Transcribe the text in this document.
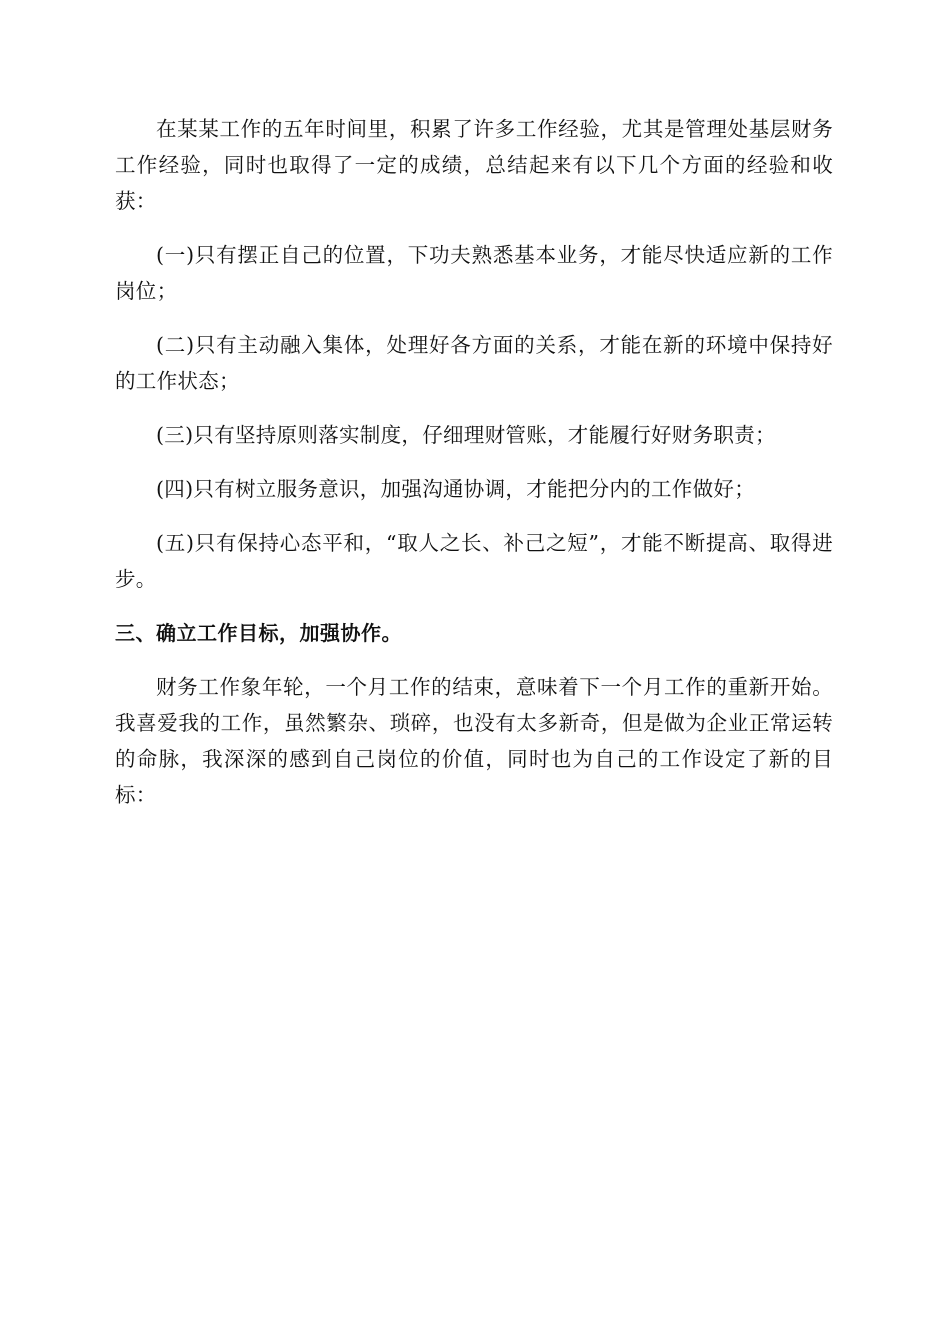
在某某工作的五年时间里，积累了许多工作经验，尤其是管理处基层财务工作经验，同时也取得了一定的成绩，总结起来有以下几个方面的经验和收获：

(一)只有摆正自己的位置，下功夫熟悉基本业务，才能尽快适应新的工作岗位；

(二)只有主动融入集体，处理好各方面的关系，才能在新的环境中保持好的工作状态；

(三)只有坚持原则落实制度，仔细理财管账，才能履行好财务职责；

(四)只有树立服务意识，加强沟通协调，才能把分内的工作做好；

(五)只有保持心态平和，“取人之长、补己之短”，才能不断提高、取得进步。

三、确立工作目标，加强协作。

财务工作象年轮，一个月工作的结束，意味着下一个月工作的重新开始。我喜爱我的工作，虽然繁杂、琐碎，也没有太多新奇，但是做为企业正常运转的命脉，我深深的感到自己岗位的价值，同时也为自己的工作设定了新的目标：
